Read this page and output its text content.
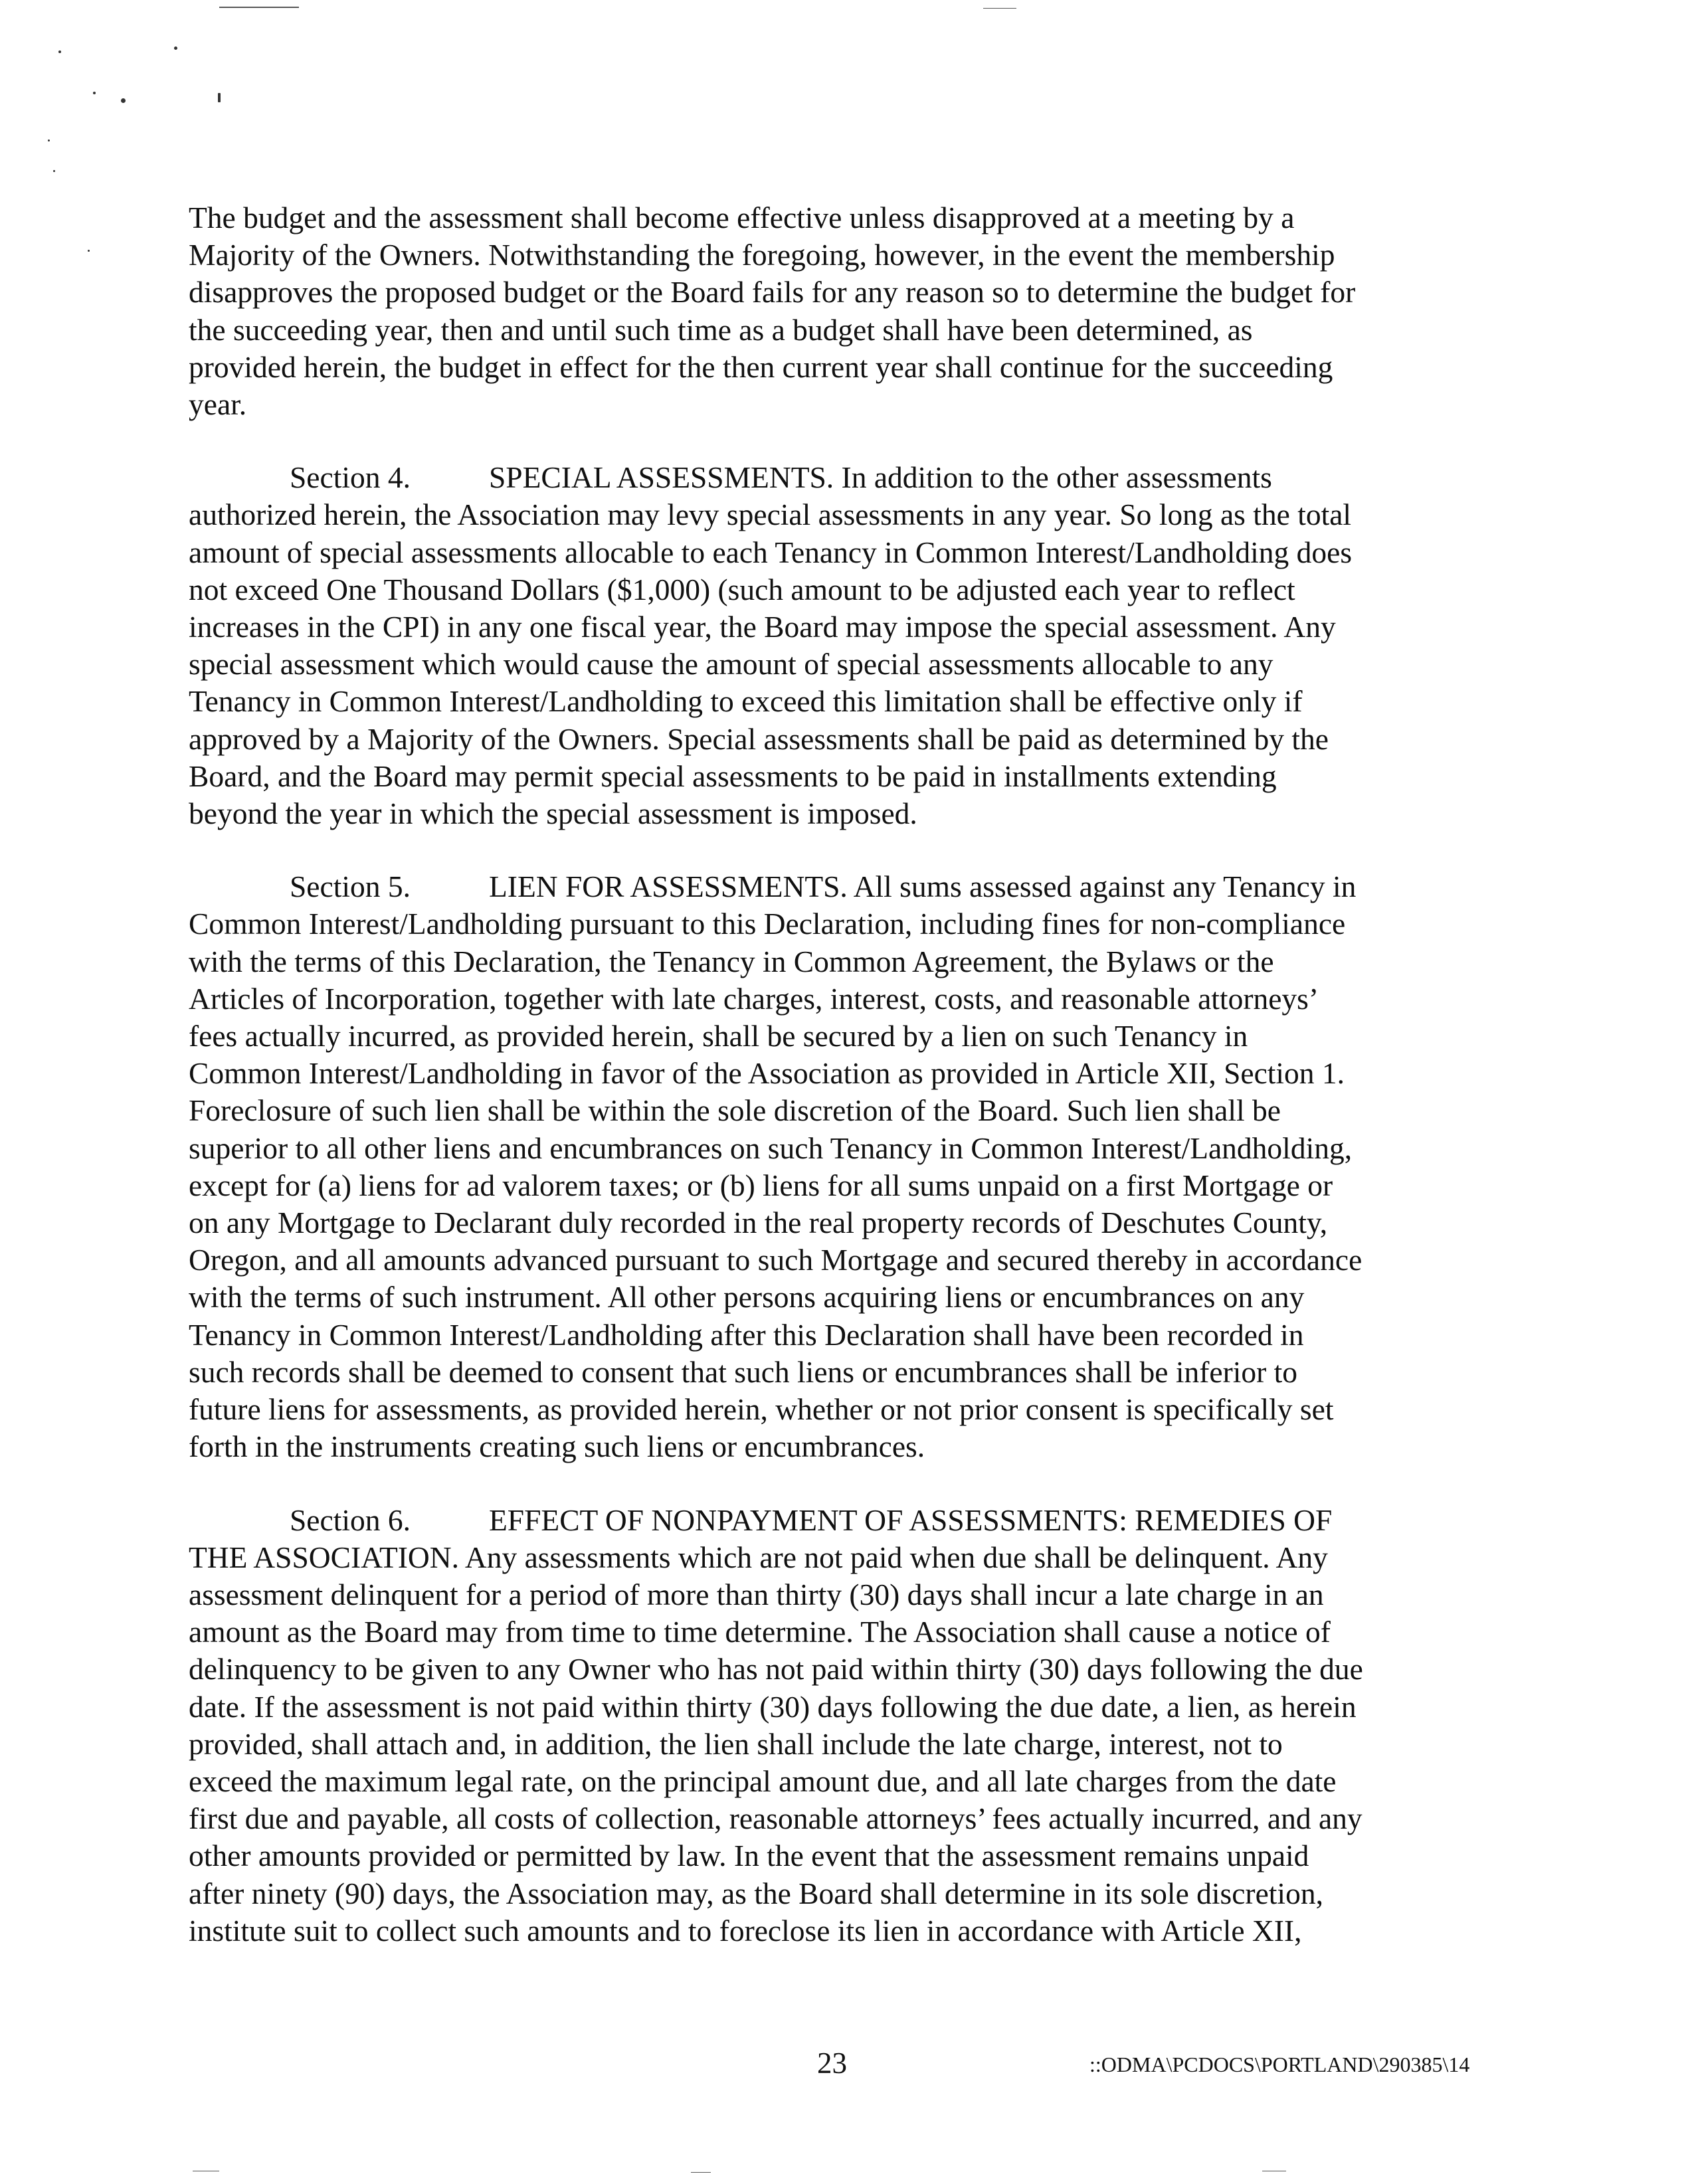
The budget and the assessment shall become effective unless disapproved at a meeting by a
Majority of the Owners. Notwithstanding the foregoing, however, in the event the membership
disapproves the proposed budget or the Board fails for any reason so to determine the budget for
the succeeding year, then and until such time as a budget shall have been determined, as
provided herein, the budget in effect for the then current year shall continue for the succeeding
year.

Section 4.	SPECIAL ASSESSMENTS. In addition to the other assessments
authorized herein, the Association may levy special assessments in any year. So long as the total
amount of special assessments allocable to each Tenancy in Common Interest/Landholding does
not exceed One Thousand Dollars ($1,000) (such amount to be adjusted each year to reflect
increases in the CPI) in any one fiscal year, the Board may impose the special assessment. Any
special assessment which would cause the amount of special assessments allocable to any
Tenancy in Common Interest/Landholding to exceed this limitation shall be effective only if
approved by a Majority of the Owners. Special assessments shall be paid as determined by the
Board, and the Board may permit special assessments to be paid in installments extending
beyond the year in which the special assessment is imposed.

Section 5.	LIEN FOR ASSESSMENTS. All sums assessed against any Tenancy in
Common Interest/Landholding pursuant to this Declaration, including fines for non-compliance
with the terms of this Declaration, the Tenancy in Common Agreement, the Bylaws or the
Articles of Incorporation, together with late charges, interest, costs, and reasonable attorneys’
fees actually incurred, as provided herein, shall be secured by a lien on such Tenancy in
Common Interest/Landholding in favor of the Association as provided in Article XII, Section 1.
Foreclosure of such lien shall be within the sole discretion of the Board. Such lien shall be
superior to all other liens and encumbrances on such Tenancy in Common Interest/Landholding,
except for (a) liens for ad valorem taxes; or (b) liens for all sums unpaid on a first Mortgage or
on any Mortgage to Declarant duly recorded in the real property records of Deschutes County,
Oregon, and all amounts advanced pursuant to such Mortgage and secured thereby in accordance
with the terms of such instrument. All other persons acquiring liens or encumbrances on any
Tenancy in Common Interest/Landholding after this Declaration shall have been recorded in
such records shall be deemed to consent that such liens or encumbrances shall be inferior to
future liens for assessments, as provided herein, whether or not prior consent is specifically set
forth in the instruments creating such liens or encumbrances.

Section 6.	EFFECT OF NONPAYMENT OF ASSESSMENTS: REMEDIES OF
THE ASSOCIATION. Any assessments which are not paid when due shall be delinquent. Any
assessment delinquent for a period of more than thirty (30) days shall incur a late charge in an
amount as the Board may from time to time determine. The Association shall cause a notice of
delinquency to be given to any Owner who has not paid within thirty (30) days following the due
date. If the assessment is not paid within thirty (30) days following the due date, a lien, as herein
provided, shall attach and, in addition, the lien shall include the late charge, interest, not to
exceed the maximum legal rate, on the principal amount due, and all late charges from the date
first due and payable, all costs of collection, reasonable attorneys’ fees actually incurred, and any
other amounts provided or permitted by law. In the event that the assessment remains unpaid
after ninety (90) days, the Association may, as the Board shall determine in its sole discretion,
institute suit to collect such amounts and to foreclose its lien in accordance with Article XII,

23	::ODMA\PCDOCS\PORTLAND\290385\14
